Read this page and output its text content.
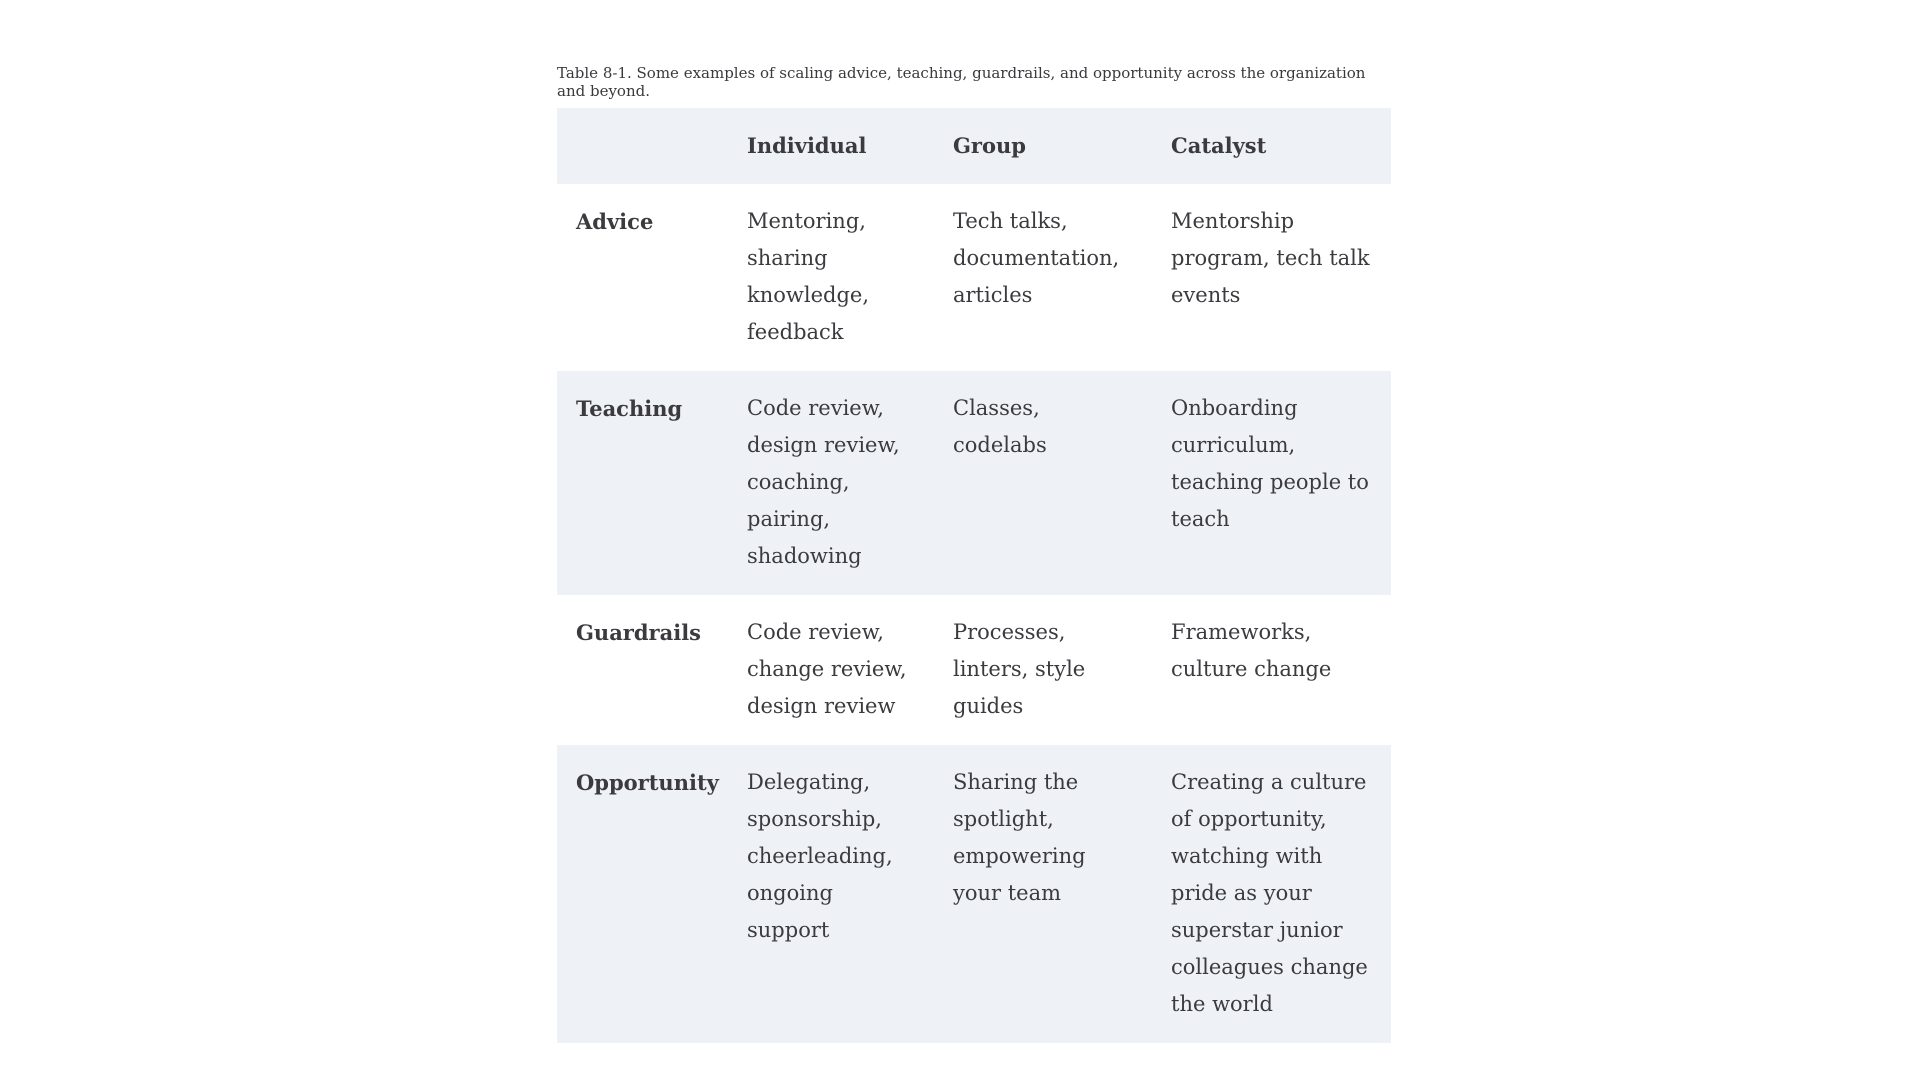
Table 8-1. Some examples of scaling advice, teaching, guardrails, and opportunity across the organization and beyond.

	Individual	Group	Catalyst
Advice	Mentoring, sharing knowledge, feedback	Tech talks, documentation, articles	Mentorship program, tech talk events
Teaching	Code review, design review, coaching, pairing, shadowing	Classes, codelabs	Onboarding curriculum, teaching people to teach
Guardrails	Code review, change review, design review	Processes, linters, style guides	Frameworks, culture change
Opportunity	Delegating, sponsorship, cheerleading, ongoing support	Sharing the spotlight, empowering your team	Creating a culture of opportunity, watching with pride as your superstar junior colleagues change the world
